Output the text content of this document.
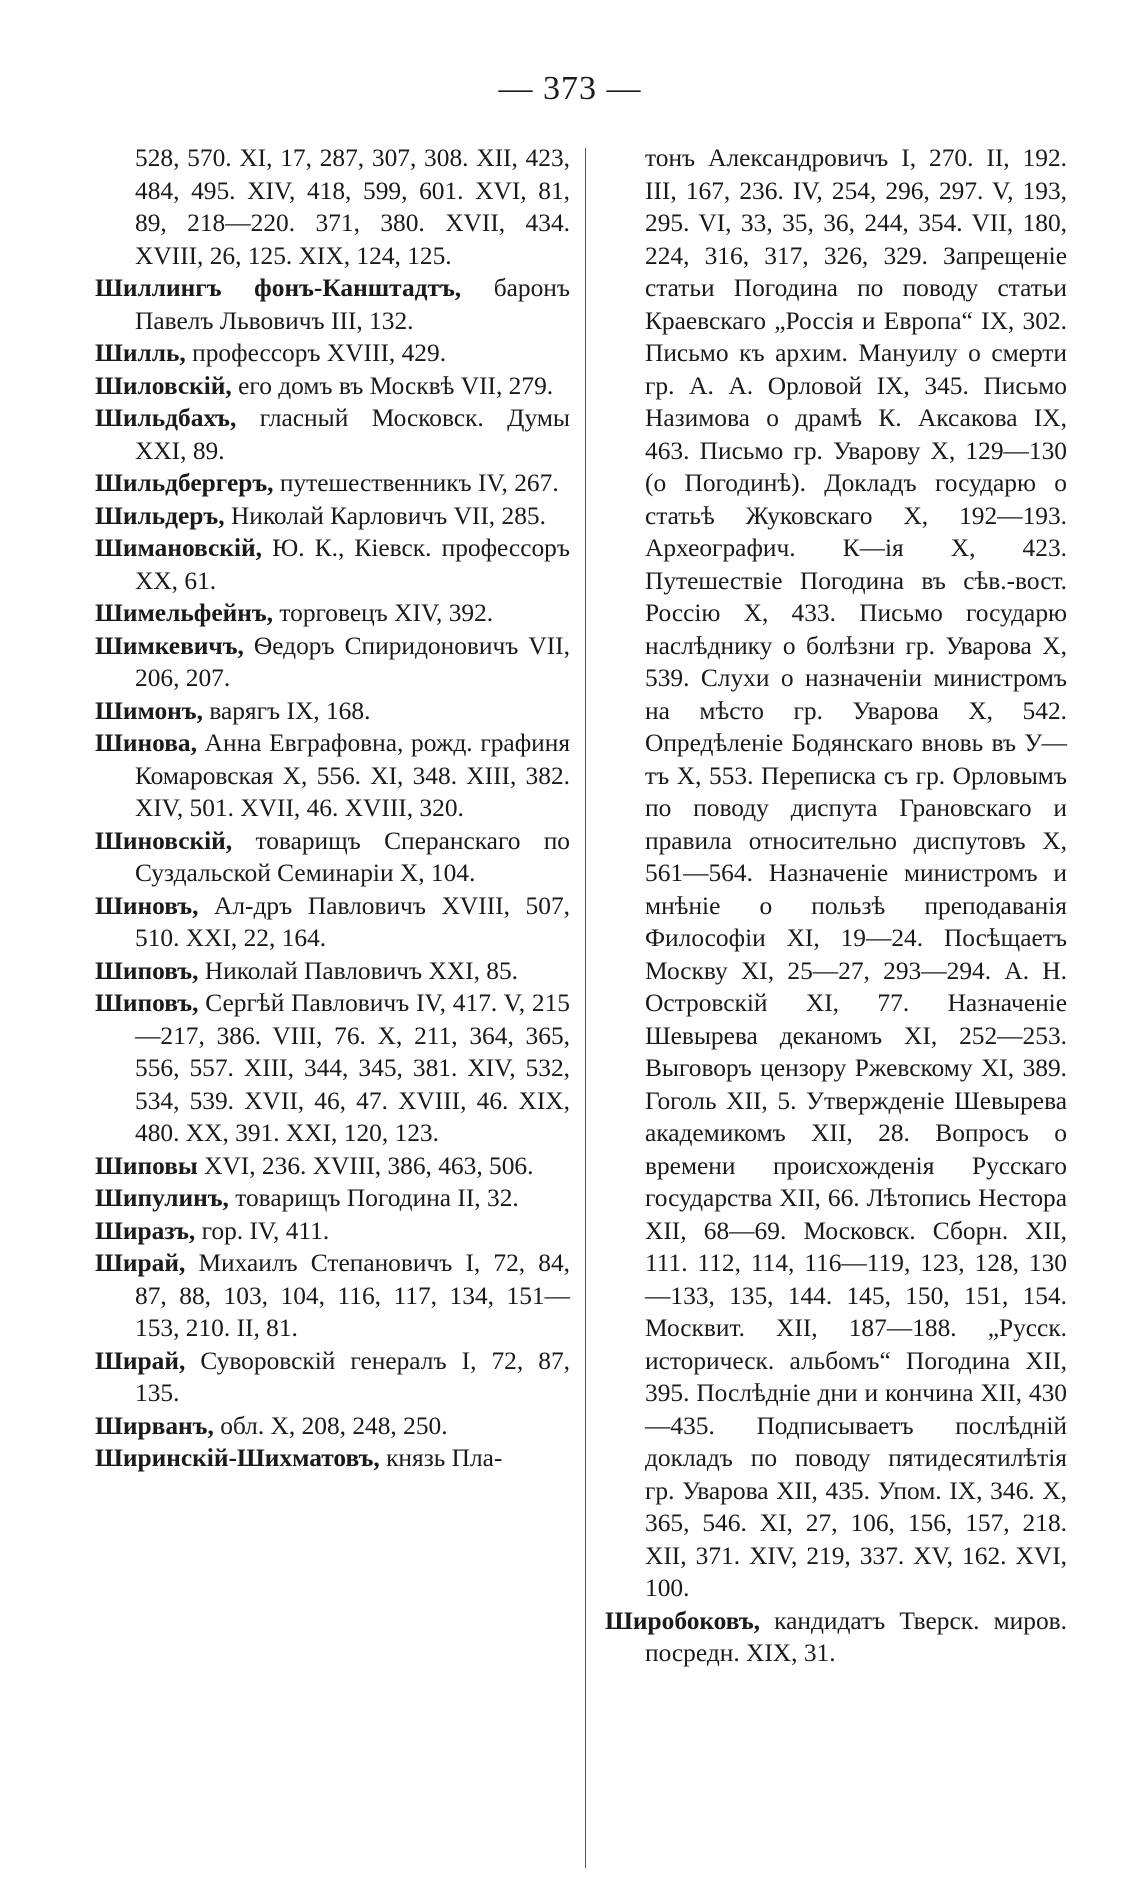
— 373 —

528, 570. XI, 17, 287, 307, 308. XII, 423, 484, 495. XIV, 418, 599, 601. XVI, 81, 89, 218—220. 371, 380. XVII, 434. XVIII, 26, 125. XIX, 124, 125.

Шиллингъ фонъ-Канштадтъ, баронъ Павелъ Львовичъ III, 132.

Шилль, профессоръ XVIII, 429.

Шиловскій, его домъ въ Москвѣ VII, 279.

Шильдбахъ, гласный Московск. Думы XXI, 89.

Шильдбергеръ, путешественникъ IV, 267.

Шильдеръ, Николай Карловичъ VII, 285.

Шимановскій, Ю. К., Кіевск. профессоръ XX, 61.

Шимельфейнъ, торговецъ XIV, 392.

Шимкевичъ, Ѳедоръ Спиридоновичъ VII, 206, 207.

Шимонъ, варягъ IX, 168.

Шинова, Анна Евграфовна, рожд. графиня Комаровская X, 556. XI, 348. XIII, 382. XIV, 501. XVII, 46. XVIII, 320.

Шиновскій, товарищъ Сперанскаго по Суздальской Семинаріи X, 104.

Шиновъ, Ал-дръ Павловичъ XVIII, 507, 510. XXI, 22, 164.

Шиповъ, Николай Павловичъ XXI, 85.

Шиповъ, Сергѣй Павловичъ IV, 417. V, 215—217, 386. VIII, 76. X, 211, 364, 365, 556, 557. XIII, 344, 345, 381. XIV, 532, 534, 539. XVII, 46, 47. XVIII, 46. XIX, 480. XX, 391. XXI, 120, 123.

Шиповы XVI, 236. XVIII, 386, 463, 506.

Шипулинъ, товарищъ Погодина II, 32.

Ширазъ, гор. IV, 411.

Ширай, Михаилъ Степановичъ I, 72, 84, 87, 88, 103, 104, 116, 117, 134, 151—153, 210. II, 81.

Ширай, Суворовскій генералъ I, 72, 87, 135.

Ширванъ, обл. X, 208, 248, 250.

Ширинскій-Шихматовъ, князь Пла-

тонъ Александровичъ I, 270. II, 192. III, 167, 236. IV, 254, 296, 297. V, 193, 295. VI, 33, 35, 36, 244, 354. VII, 180, 224, 316, 317, 326, 329. Запрещеніе статьи Погодина по поводу статьи Краевскаго „Россія и Европа“ IX, 302. Письмо къ архим. Мануилу о смерти гр. А. А. Орловой IX, 345. Письмо Назимова о драмѣ К. Аксакова IX, 463. Письмо гр. Уварову X, 129—130 (о Погодинѣ). Докладъ государю о статьѣ Жуковскаго X, 192—193. Археографич. К—ія X, 423. Путешествіе Погодина въ сѣв.-вост. Россію X, 433. Письмо государю наслѣднику о болѣзни гр. Уварова X, 539. Слухи о назначеніи министромъ на мѣсто гр. Уварова X, 542. Опредѣленіе Бодянскаго вновь въ У—тъ X, 553. Переписка съ гр. Орловымъ по поводу диспута Грановскаго и правила относительно диспутовъ X, 561—564. Назначеніе министромъ и мнѣніе о пользѣ преподаванія Философіи XI, 19—24. Посѣщаетъ Москву XI, 25—27, 293—294. А. Н. Островскій XI, 77. Назначеніе Шевырева деканомъ XI, 252—253. Выговоръ цензору Ржевскому XI, 389. Гоголь XII, 5. Утвержденіе Шевырева академикомъ XII, 28. Вопросъ о времени происхожденія Русскаго государства XII, 66. Лѣтопись Нестора XII, 68—69. Московск. Сборн. XII, 111. 112, 114, 116—119, 123, 128, 130—133, 135, 144. 145, 150, 151, 154. Москвит. XII, 187—188. „Русск. историческ. альбомъ“ Погодина XII, 395. Послѣдніе дни и кончина XII, 430—435. Подписываетъ послѣдній докладъ по поводу пятидесятилѣтія гр. Уварова XII, 435. Упом. IX, 346. X, 365, 546. XI, 27, 106, 156, 157, 218. XII, 371. XIV, 219, 337. XV, 162. XVI, 100.

Широбоковъ, кандидатъ Тверск. миров. посредн. XIX, 31.
